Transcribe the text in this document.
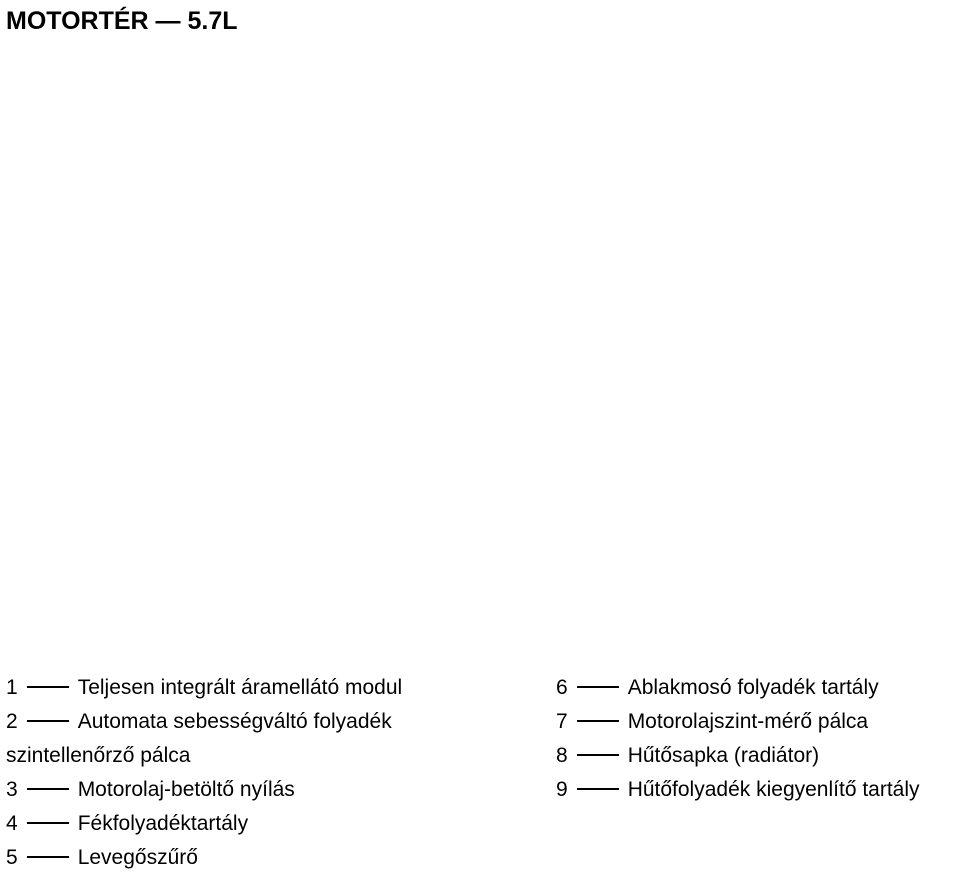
MOTORTÉR — 5.7L
1	Teljesen integrált áramellátó modul
2	Automata sebességváltó folyadék
szintellenőrző pálca
3	Motorolaj-betöltő nyílás
4	Fékfolyadéktartály
5	Levegőszűrő
6	Ablakmosó folyadék tartály
7	Motorolajszint-mérő pálca
8	Hűtősapka (radiátor)
9	Hűtőfolyadék kiegyenlítő tartály
